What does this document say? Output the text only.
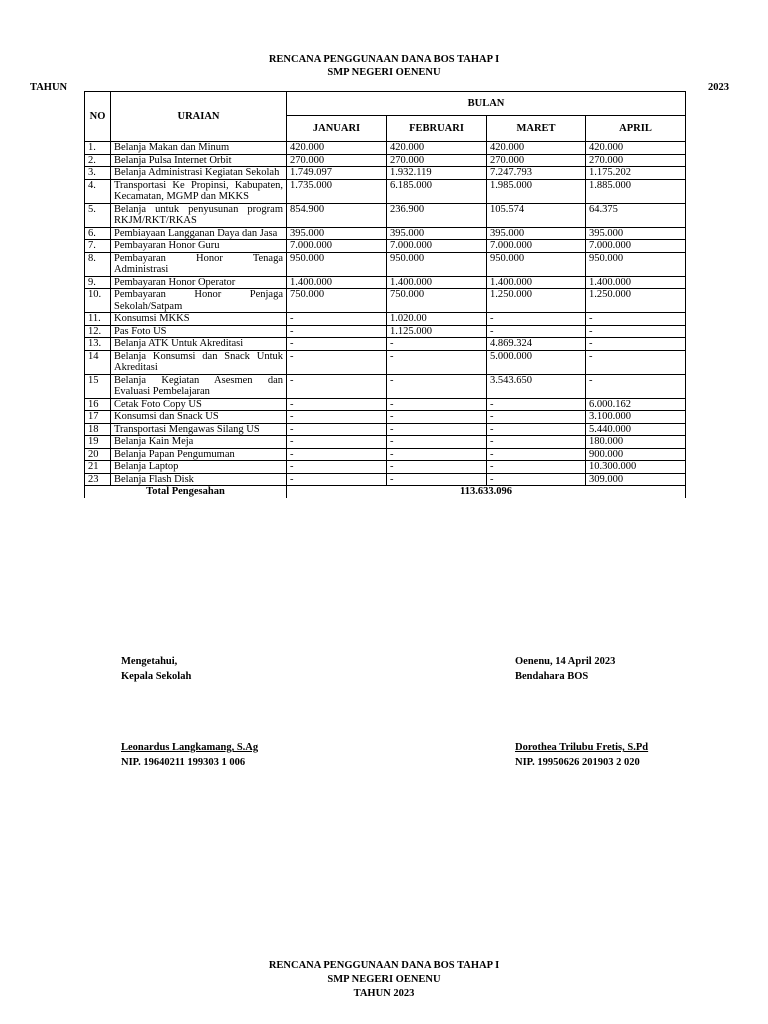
RENCANA PENGGUNAAN DANA BOS TAHAP I
SMP NEGERI OENENU
TAHUN	2023
NO	URAIAN	BULAN			
		JANUARI	FEBRUARI	MARET	APRIL
1.	Belanja Makan dan Minum	420.000	420.000	420.000	420.000
2.	Belanja Pulsa Internet Orbit	270.000	270.000	270.000	270.000
3.	Belanja Administrasi Kegiatan Sekolah	1.749.097	1.932.119	7.247.793	1.175.202
4.	Transportasi Ke Propinsi, Kabupaten, Kecamatan, MGMP dan MKKS	1.735.000	6.185.000	1.985.000	1.885.000
5.	Belanja untuk penyusunan program RKJM/RKT/RKAS	854.900	236.900	105.574	64.375
6.	Pembiayaan Langganan Daya dan Jasa	395.000	395.000	395.000	395.000
7.	Pembayaran Honor Guru	7.000.000	7.000.000	7.000.000	7.000.000
8.	Pembayaran Honor Tenaga Administrasi	950.000	950.000	950.000	950.000
9.	Pembayaran Honor Operator	1.400.000	1.400.000	1.400.000	1.400.000
10.	Pembayaran Honor Penjaga Sekolah/Satpam	750.000	750.000	1.250.000	1.250.000
11.	Konsumsi MKKS	-	1.020.00	-	-
12.	Pas Foto US	-	1.125.000	-	-
13.	Belanja ATK Untuk Akreditasi	-	-	4.869.324	-
14	Belanja Konsumsi dan Snack Untuk Akreditasi	-	-	5.000.000	-
15	Belanja Kegiatan Asesmen dan Evaluasi Pembelajaran	-	-	3.543.650	-
16	Cetak Foto Copy US	-	-	-	6.000.162
17	Konsumsi dan Snack US	-	-	-	3.100.000
18	Transportasi Mengawas Silang US	-	-	-	5.440.000
19	Belanja Kain Meja	-	-	-	180.000
20	Belanja Papan Pengumuman	-	-	-	900.000
21	Belanja Laptop	-	-	-	10.300.000
23	Belanja Flash Disk	-	-	-	309.000
Total Pengesahan		113.633.096			
Mengetahui,
Kepala Sekolah
Leonardus Langkamang, S.Ag
NIP. 19640211 199303 1 006
Oenenu, 14 April 2023
Bendahara BOS
Dorothea Trilubu Fretis, S.Pd
NIP. 19950626 201903 2 020
RENCANA PENGGUNAAN DANA BOS TAHAP I
SMP NEGERI OENENU
TAHUN 2023
